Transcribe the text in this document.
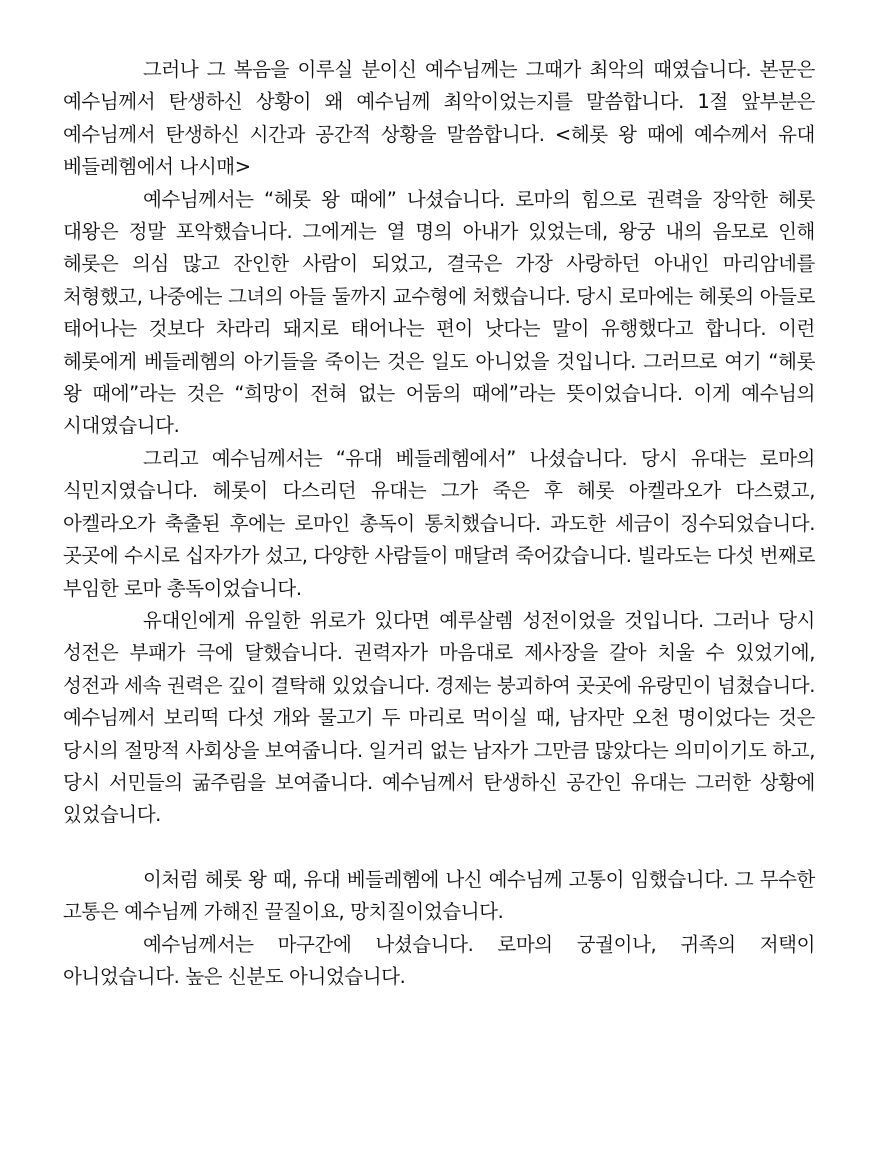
그러나 그 복음을 이루실 분이신 예수님께는 그때가 최악의 때였습니다. 본문은 예수님께서 탄생하신 상황이 왜 예수님께 최악이었는지를 말씀합니다. 1절 앞부분은 예수님께서 탄생하신 시간과 공간적 상황을 말씀합니다. <헤롯 왕 때에 예수께서 유대 베들레헴에서 나시매>

예수님께서는 “헤롯 왕 때에” 나셨습니다. 로마의 힘으로 권력을 장악한 헤롯 대왕은 정말 포악했습니다. 그에게는 열 명의 아내가 있었는데, 왕궁 내의 음모로 인해 헤롯은 의심 많고 잔인한 사람이 되었고, 결국은 가장 사랑하던 아내인 마리암네를 처형했고, 나중에는 그녀의 아들 둘까지 교수형에 처했습니다. 당시 로마에는 헤롯의 아들로 태어나는 것보다 차라리 돼지로 태어나는 편이 낫다는 말이 유행했다고 합니다. 이런 헤롯에게 베들레헴의 아기들을 죽이는 것은 일도 아니었을 것입니다. 그러므로 여기 “헤롯 왕 때에”라는 것은 “희망이 전혀 없는 어둠의 때에”라는 뜻이었습니다. 이게 예수님의 시대였습니다.

그리고 예수님께서는 “유대 베들레헴에서” 나셨습니다. 당시 유대는 로마의 식민지였습니다. 헤롯이 다스리던 유대는 그가 죽은 후 헤롯 아켈라오가 다스렸고, 아켈라오가 축출된 후에는 로마인 총독이 통치했습니다. 과도한 세금이 징수되었습니다. 곳곳에 수시로 십자가가 섰고, 다양한 사람들이 매달려 죽어갔습니다. 빌라도는 다섯 번째로 부임한 로마 총독이었습니다.

유대인에게 유일한 위로가 있다면 예루살렘 성전이었을 것입니다. 그러나 당시 성전은 부패가 극에 달했습니다. 권력자가 마음대로 제사장을 갈아 치울 수 있었기에, 성전과 세속 권력은 깊이 결탁해 있었습니다. 경제는 붕괴하여 곳곳에 유랑민이 넘쳤습니다. 예수님께서 보리떡 다섯 개와 물고기 두 마리로 먹이실 때, 남자만 오천 명이었다는 것은 당시의 절망적 사회상을 보여줍니다. 일거리 없는 남자가 그만큼 많았다는 의미이기도 하고, 당시 서민들의 굶주림을 보여줍니다. 예수님께서 탄생하신 공간인 유대는 그러한 상황에 있었습니다.

이처럼 헤롯 왕 때, 유대 베들레헴에 나신 예수님께 고통이 임했습니다. 그 무수한 고통은 예수님께 가해진 끌질이요, 망치질이었습니다.

예수님께서는 마구간에 나셨습니다. 로마의 궁궐이나, 귀족의 저택이 아니었습니다. 높은 신분도 아니었습니다.
